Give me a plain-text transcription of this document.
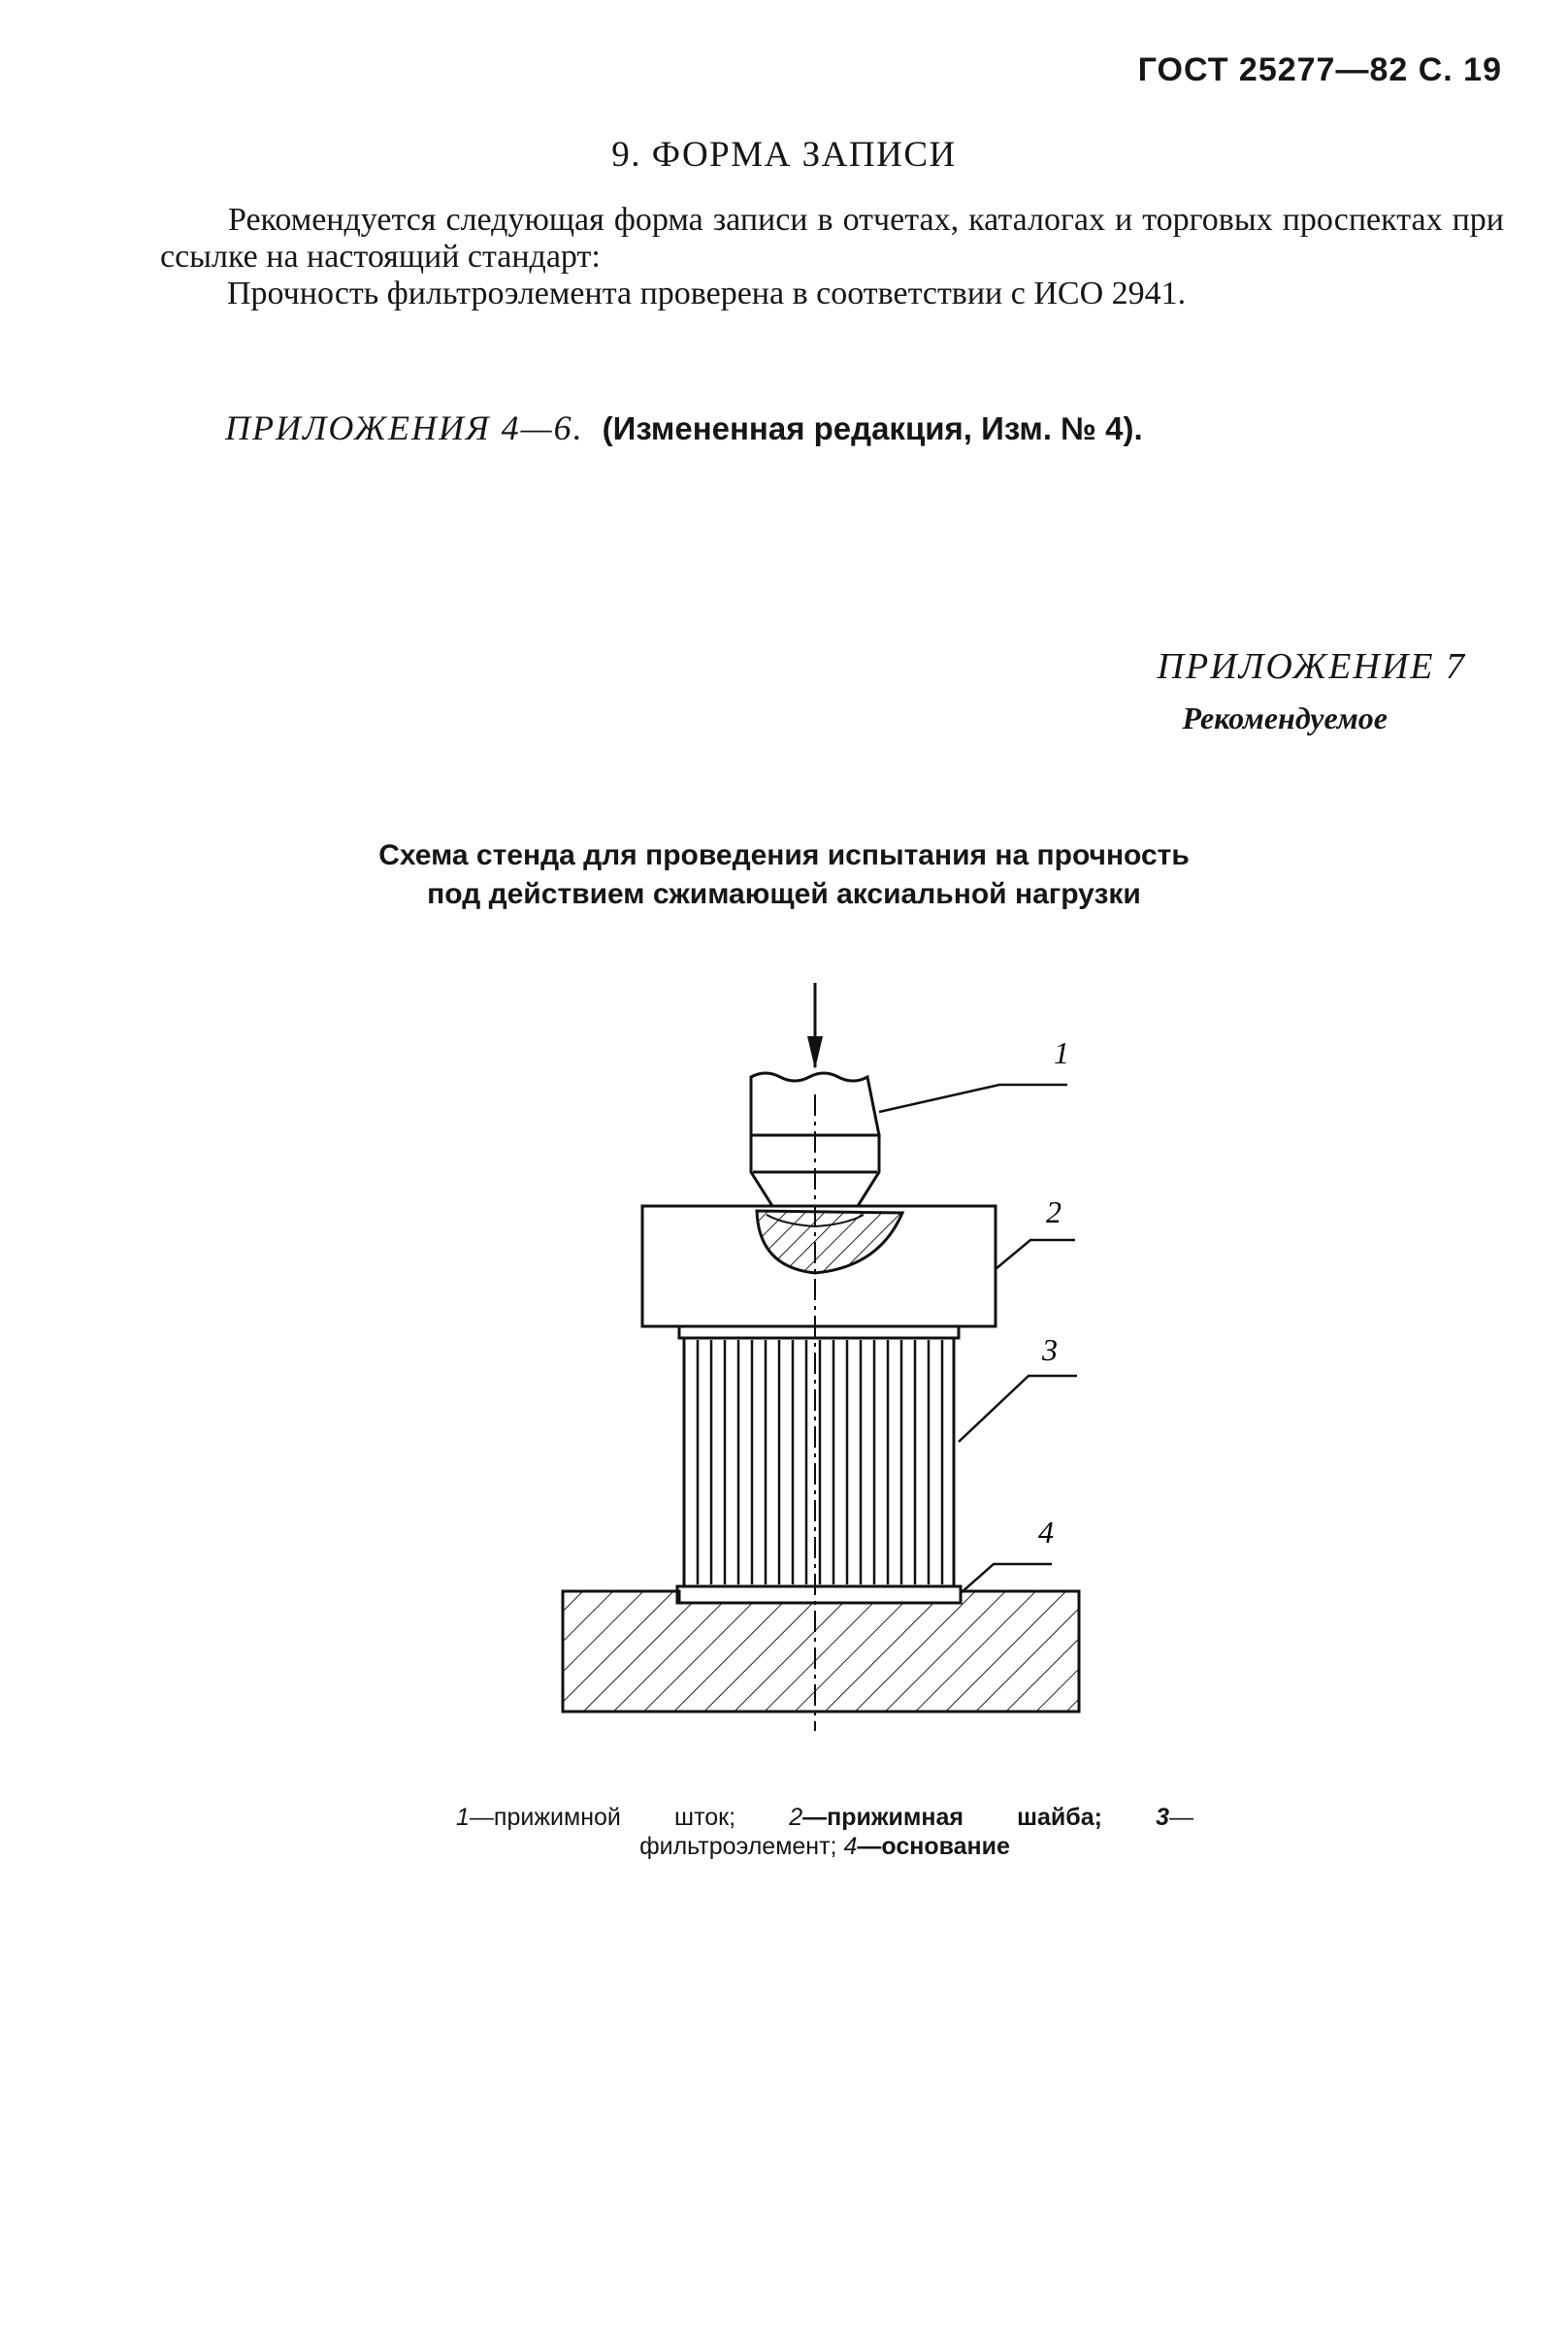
ГОСТ 25277—82 С. 19
9. ФОРМА ЗАПИСИ

Рекомендуется следующая форма записи в отчетах, каталогах и торговых проспектах при ссылке на настоящий стандарт:

Прочность фильтроэлемента проверена в соответствии с ИСО 2941.

ПРИЛОЖЕНИЯ 4—6. (Измененная редакция, Изм. № 4).
ПРИЛОЖЕНИЕ 7
Рекомендуемое
Схема стенда для проведения испытания на прочность
под действием сжимающей аксиальной нагрузки
1
2
3
4
1—прижимной шток; 2—прижимная шайба; 3—фильтроэлемент; 4—основание
